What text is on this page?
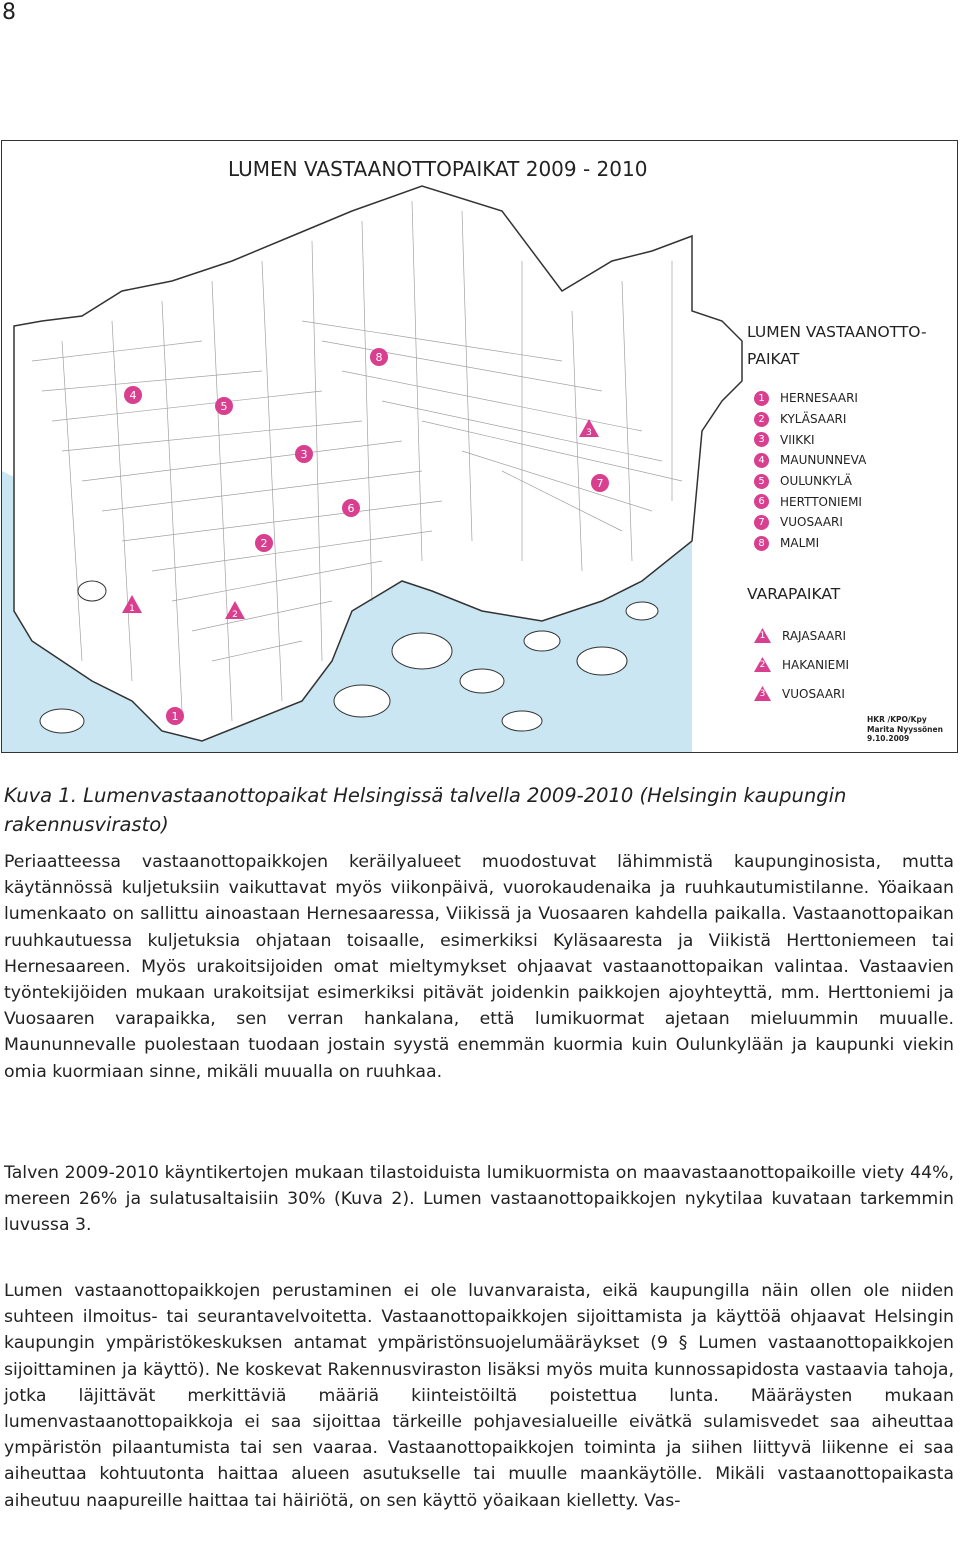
8
4
5
8
3
6
2
1
3
7
1
2
LUMEN VASTAANOTTOPAIKAT 2009 - 2010
LUMEN VASTAANOTTO-
PAIKAT
1	HERNESAARI
2	KYLÄSAARI
3	VIIKKI
4	MAUNUNNEVA
5	OULUNKYLÄ
6	HERTTONIEMI
7	VUOSAARI
8	MALMI
VARAPAIKAT
1	RAJASAARI
2	HAKANIEMI
3	VUOSAARI
HKR /KPO/Kpy
Marita Nyyssönen
9.10.2009
Kuva 1. Lumenvastaanottopaikat Helsingissä talvella 2009-2010 (Helsingin kaupungin rakennusvirasto)
Periaatteessa vastaanottopaikkojen keräilyalueet muodostuvat lähimmistä kaupunginosista, mutta käytännössä kuljetuksiin vaikuttavat myös viikonpäivä, vuorokaudenaika ja ruuhkautumistilanne. Yöaikaan lumenkaato on sallittu ainoastaan Hernesaaressa, Viikissä ja Vuosaaren kahdella paikalla. Vastaanottopaikan ruuhkautuessa kuljetuksia ohjataan toisaalle, esimerkiksi Kyläsaaresta ja Viikistä Herttoniemeen tai Hernesaareen. Myös urakoitsijoiden omat mieltymykset ohjaavat vastaanottopaikan valintaa. Vastaavien työntekijöiden mukaan urakoitsijat esimerkiksi pitävät joidenkin paikkojen ajoyhteyttä, mm. Herttoniemi ja Vuosaaren varapaikka, sen verran hankalana, että lumikuormat ajetaan mieluummin muualle. Maununnevalle puolestaan tuodaan jostain syystä enemmän kuormia kuin Oulunkylään ja kaupunki viekin omia kuormiaan sinne, mikäli muualla on ruuhkaa.
Talven 2009-2010 käyntikertojen mukaan tilastoiduista lumikuormista on maavastaanottopaikoille viety 44%, mereen 26% ja sulatusaltaisiin 30% (Kuva 2). Lumen vastaanottopaikkojen nykytilaa kuvataan tarkemmin luvussa 3.
Lumen vastaanottopaikkojen perustaminen ei ole luvanvaraista, eikä kaupungilla näin ollen ole niiden suhteen ilmoitus- tai seurantavelvoitetta. Vastaanottopaikkojen sijoittamista ja käyttöä ohjaavat Helsingin kaupungin ympäristökeskuksen antamat ympäristönsuojelumääräykset (9 § Lumen vastaanottopaikkojen sijoittaminen ja käyttö). Ne koskevat Rakennusviraston lisäksi myös muita kunnossapidosta vastaavia tahoja, jotka läjittävät merkittäviä määriä kiinteistöiltä poistettua lunta. Määräysten mukaan lumenvastaanottopaikkoja ei saa sijoittaa tärkeille pohjavesialueille eivätkä sulamisvedet saa aiheuttaa ympäristön pilaantumista tai sen vaaraa. Vastaanottopaikkojen toiminta ja siihen liittyvä liikenne ei saa aiheuttaa kohtuutonta haittaa alueen asutukselle tai muulle maankäytölle. Mikäli vastaanottopaikasta aiheutuu naapureille haittaa tai häiriötä, on sen käyttö yöaikaan kielletty. Vas-
